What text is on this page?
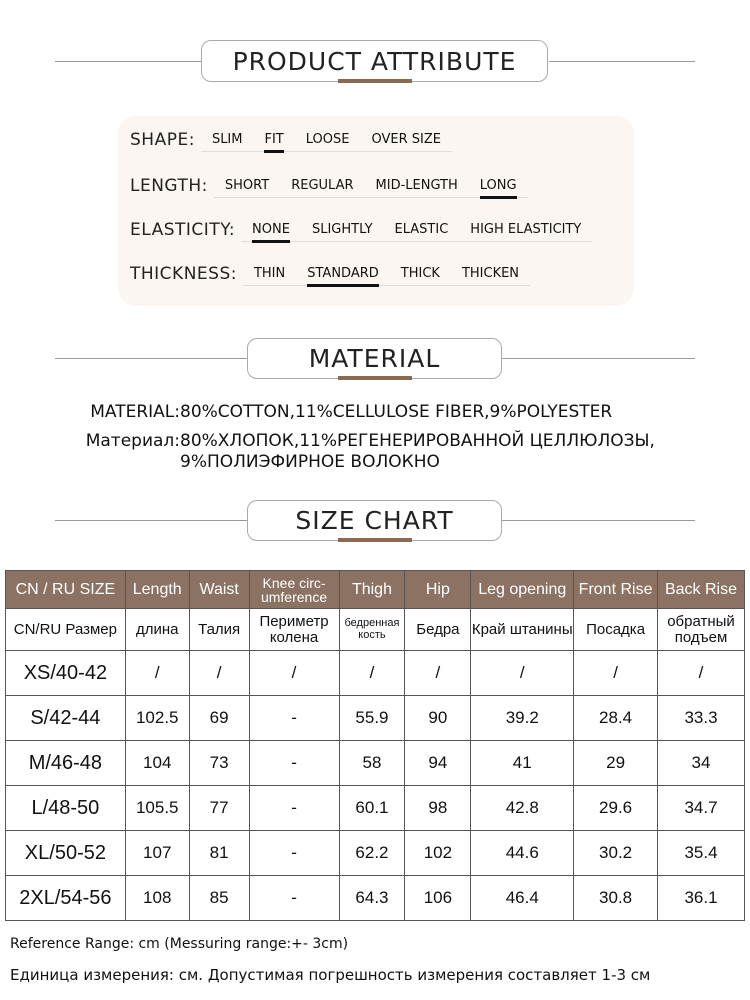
PRODUCT ATTRIBUTE
SHAPE: SLIM FIT LOOSE OVER SIZE
LENGTH: SHORT REGULAR MID-LENGTH LONG
ELASTICITY: NONE SLIGHTLY ELASTIC HIGH ELASTICITY
THICKNESS: THIN STANDARD THICK THICKEN
MATERIAL
MATERIAL: 80%COTTON,11%CELLULOSE FIBER,9%POLYESTER
Материал: 80%ХЛОПОК,11%РЕГЕНЕРИРОВАННОЙ ЦЕЛЛЮЛОЗЫ,
9%ПОЛИЭФИРНОЕ ВОЛОКНО
SIZE CHART
CN / RU SIZE	Length	Waist	Knee circ-
umference	Thigh	Hip	Leg opening	Front Rise	Back Rise
CN/RU Размер	длина	Талия	Периметр колена	бедренная кость	Бедра	Край штанины	Посадка	обратный подъем
XS/40-42	/	/	/	/	/	/	/	/
S/42-44	102.5	69	-	55.9	90	39.2	28.4	33.3
M/46-48	104	73	-	58	94	41	29	34
L/48-50	105.5	77	-	60.1	98	42.8	29.6	34.7
XL/50-52	107	81	-	62.2	102	44.6	30.2	35.4
2XL/54-56	108	85	-	64.3	106	46.4	30.8	36.1
Reference Range: cm (Messuring range:+- 3cm)
Единица измерения: см. Допустимая погрешность измерения составляет 1-3 см
